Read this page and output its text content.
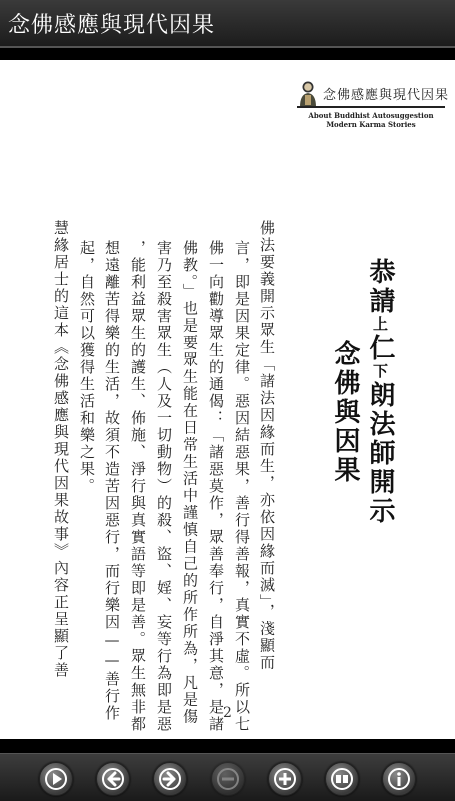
念佛感應與現代因果
念佛感應與現代因果
About Buddhist Autosuggestion
Modern Karma Stories
恭請上仁下朗法師開示
念佛與因果
佛法要義開示眾生「諸法因緣而生，亦依因緣而滅」，淺顯而
言，即是因果定律。惡因結惡果，善行得善報，真實不虛。所以七
佛一向勸導眾生的通偈：「諸惡莫作，眾善奉行，自淨其意，是諸
佛教。」也是要眾生能在日常生活中謹慎自己的所作所為，凡是傷
害乃至殺害眾生（人及一切動物）的殺、盜、婬、妄等行為即是惡
，能利益眾生的護生、佈施、淨行與真實語等即是善。眾生無非都
想遠離苦得樂的生活，故須不造苦因惡行，而行樂因——善行作
起，自然可以獲得生活和樂之果。
慧緣居士的這本《念佛感應與現代因果故事》內容正呈顯了善
2
